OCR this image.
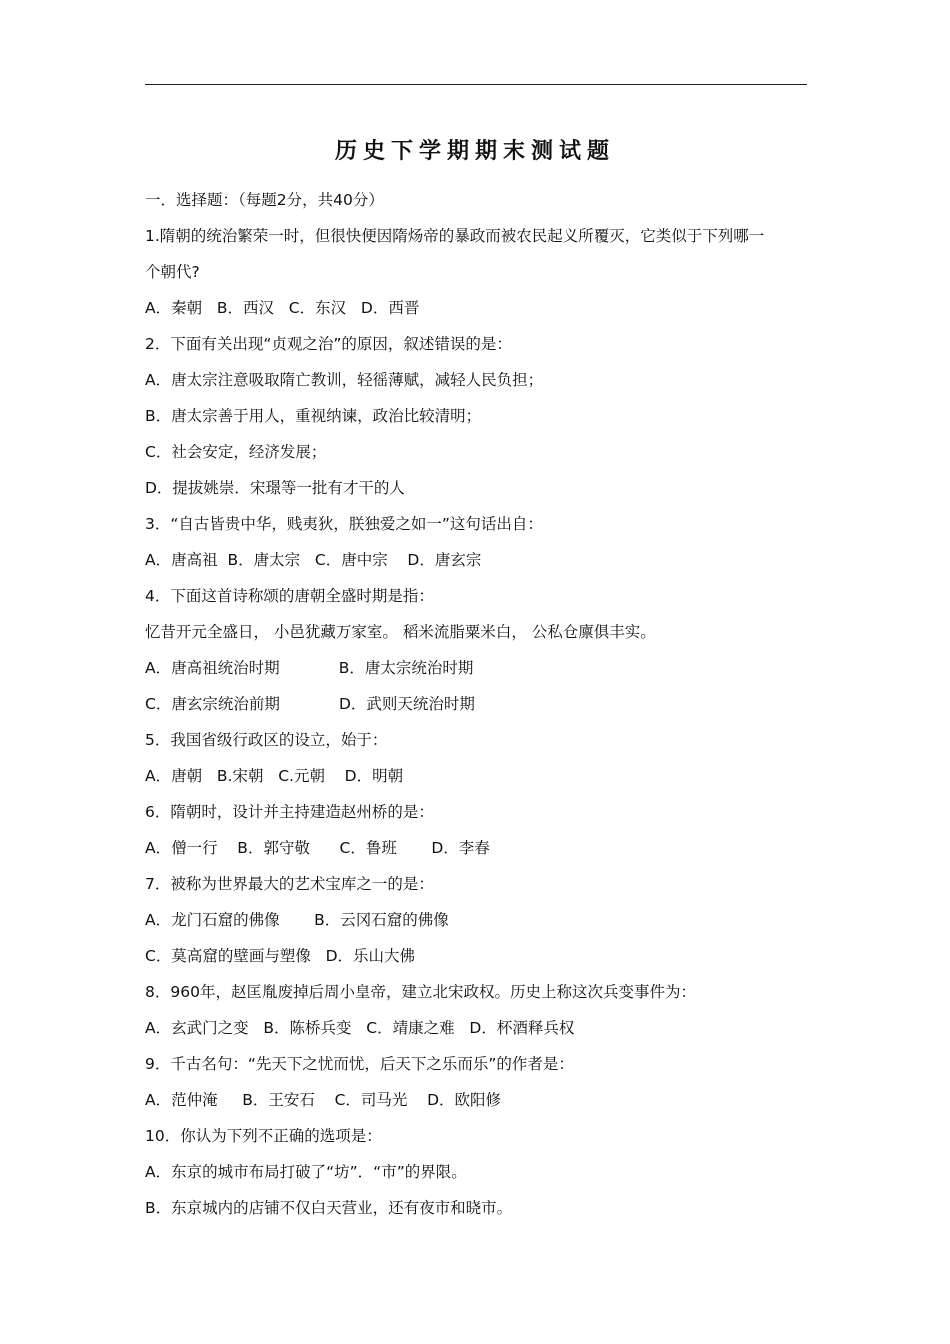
历史下学期期末测试题
一．选择题：（每题2分，共40分）
1.隋朝的统治繁荣一时，但很快便因隋炀帝的暴政而被农民起义所覆灭，它类似于下列哪一
个朝代?
A．秦朝   B．西汉   C．东汉   D．西晋
2．下面有关出现“贞观之治”的原因，叙述错误的是：
A．唐太宗注意吸取隋亡教训，轻徭薄赋，减轻人民负担；
B．唐太宗善于用人，重视纳谏，政治比较清明；
C．社会安定，经济发展；
D．提拔姚崇．宋璟等一批有才干的人
3．“自古皆贵中华，贱夷狄，朕独爱之如一”这句话出自：
A．唐高祖  B．唐太宗   C．唐中宗    D．唐玄宗
4．下面这首诗称颂的唐朝全盛时期是指：
忆昔开元全盛日， 小邑犹藏万家室。 稻米流脂粟米白， 公私仓廪俱丰实。
A．唐高祖统治时期            B．唐太宗统治时期
C．唐玄宗统治前期            D．武则天统治时期
5．我国省级行政区的设立，始于：
A．唐朝   B.宋朝   C.元朝    D．明朝
6．隋朝时，设计并主持建造赵州桥的是：
A．僧一行    B．郭守敬      C．鲁班       D．李春
7．被称为世界最大的艺术宝库之一的是：
A．龙门石窟的佛像       B．云冈石窟的佛像
C．莫高窟的壁画与塑像   D．乐山大佛
8．960年，赵匡胤废掉后周小皇帝，建立北宋政权。历史上称这次兵变事件为：
A．玄武门之变   B．陈桥兵变   C．靖康之难   D．杯酒释兵权
9．千古名句：“先天下之忧而忧，后天下之乐而乐”的作者是：
A．范仲淹     B．王安石    C．司马光    D．欧阳修
10．你认为下列不正确的选项是：
A．东京的城市布局打破了“坊”．“市”的界限。
B．东京城内的店铺不仅白天营业，还有夜市和晓市。
